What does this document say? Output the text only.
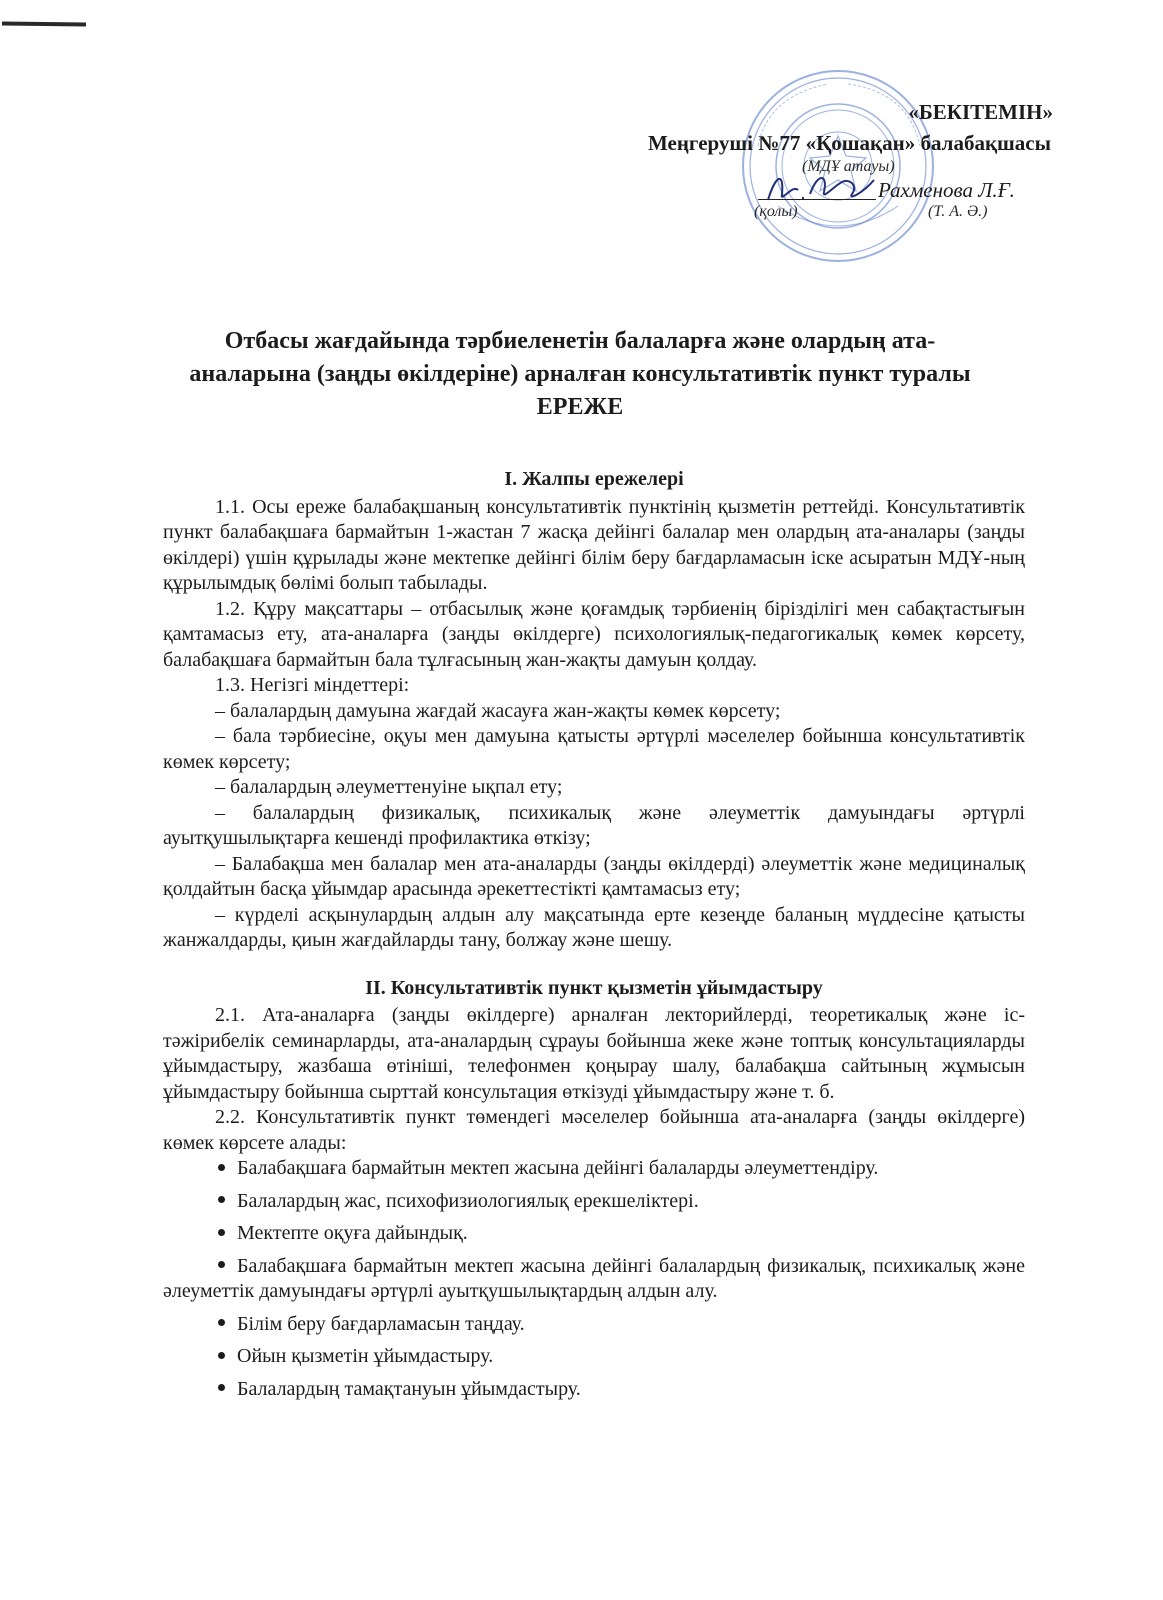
«БЕКІТЕМІН»
Меңгеруші №77 «Қошақан» балабақшасы
(МДҰ атауы)
Рахменова Л.Ғ.
(қолы)	(Т. А. Ә.)
Отбасы жағдайында тәрбиеленетін балаларға және олардың ата-
аналарына (заңды өкілдеріне) арналған консультативтік пункт туралы
ЕРЕЖЕ
I. Жалпы ережелері

1.1. Осы ереже балабақшаның консультативтік пунктінің қызметін реттейді. Консультативтік пункт балабақшаға бармайтын 1-жастан 7 жасқа дейінгі балалар мен олардың ата-аналары (заңды өкілдері) үшін құрылады және мектепке дейінгі білім беру бағдарламасын іске асыратын МДҰ-ның құрылымдық бөлімі болып табылады.

1.2. Құру мақсаттары – отбасылық және қоғамдық тәрбиенің бірізділігі мен сабақтастығын қамтамасыз ету, ата-аналарға (заңды өкілдерге) психологиялық-педагогикалық көмек көрсету, балабақшаға бармайтын бала тұлғасының жан-жақты дамуын қолдау.

1.3. Негізгі міндеттері:

– балалардың дамуына жағдай жасауға жан-жақты көмек көрсету;

– бала тәрбиесіне, оқуы мен дамуына қатысты әртүрлі мәселелер бойынша консультативтік көмек көрсету;

– балалардың әлеуметтенуіне ықпал ету;

– балалардың физикалық, психикалық және әлеуметтік дамуындағы әртүрлі ауытқушылықтарға кешенді профилактика өткізу;

– Балабақша мен балалар мен ата-аналарды (заңды өкілдерді) әлеуметтік және медициналық қолдайтын басқа ұйымдар арасында әрекеттестікті қамтамасыз ету;

– күрделі асқынулардың алдын алу мақсатында ерте кезеңде баланың мүддесіне қатысты жанжалдарды, қиын жағдайларды тану, болжау және шешу.

II. Консультативтік пункт қызметін ұйымдастыру

2.1. Ата-аналарға (заңды өкілдерге) арналған лекторийлерді, теоретикалық және іс-тәжірибелік семинарларды, ата-аналардың сұрауы бойынша жеке және топтық консультацияларды ұйымдастыру, жазбаша өтініші, телефонмен қоңырау шалу, балабақша сайтының жұмысын ұйымдастыру бойынша сырттай консультация өткізуді ұйымдастыру және т. б.

2.2. Консультативтік пункт төмендегі мәселелер бойынша ата-аналарға (заңды өкілдерге) көмек көрсете алады:

Балабақшаға бармайтын мектеп жасына дейінгі балаларды әлеуметтендіру.
Балалардың жас, психофизиологиялық ерекшеліктері.
Мектепте оқуға дайындық.
Балабақшаға бармайтын мектеп жасына дейінгі балалардың физикалық, психикалық және әлеуметтік дамуындағы әртүрлі ауытқушылықтардың алдын алу.
Білім беру бағдарламасын таңдау.
Ойын қызметін ұйымдастыру.
Балалардың тамақтануын ұйымдастыру.
